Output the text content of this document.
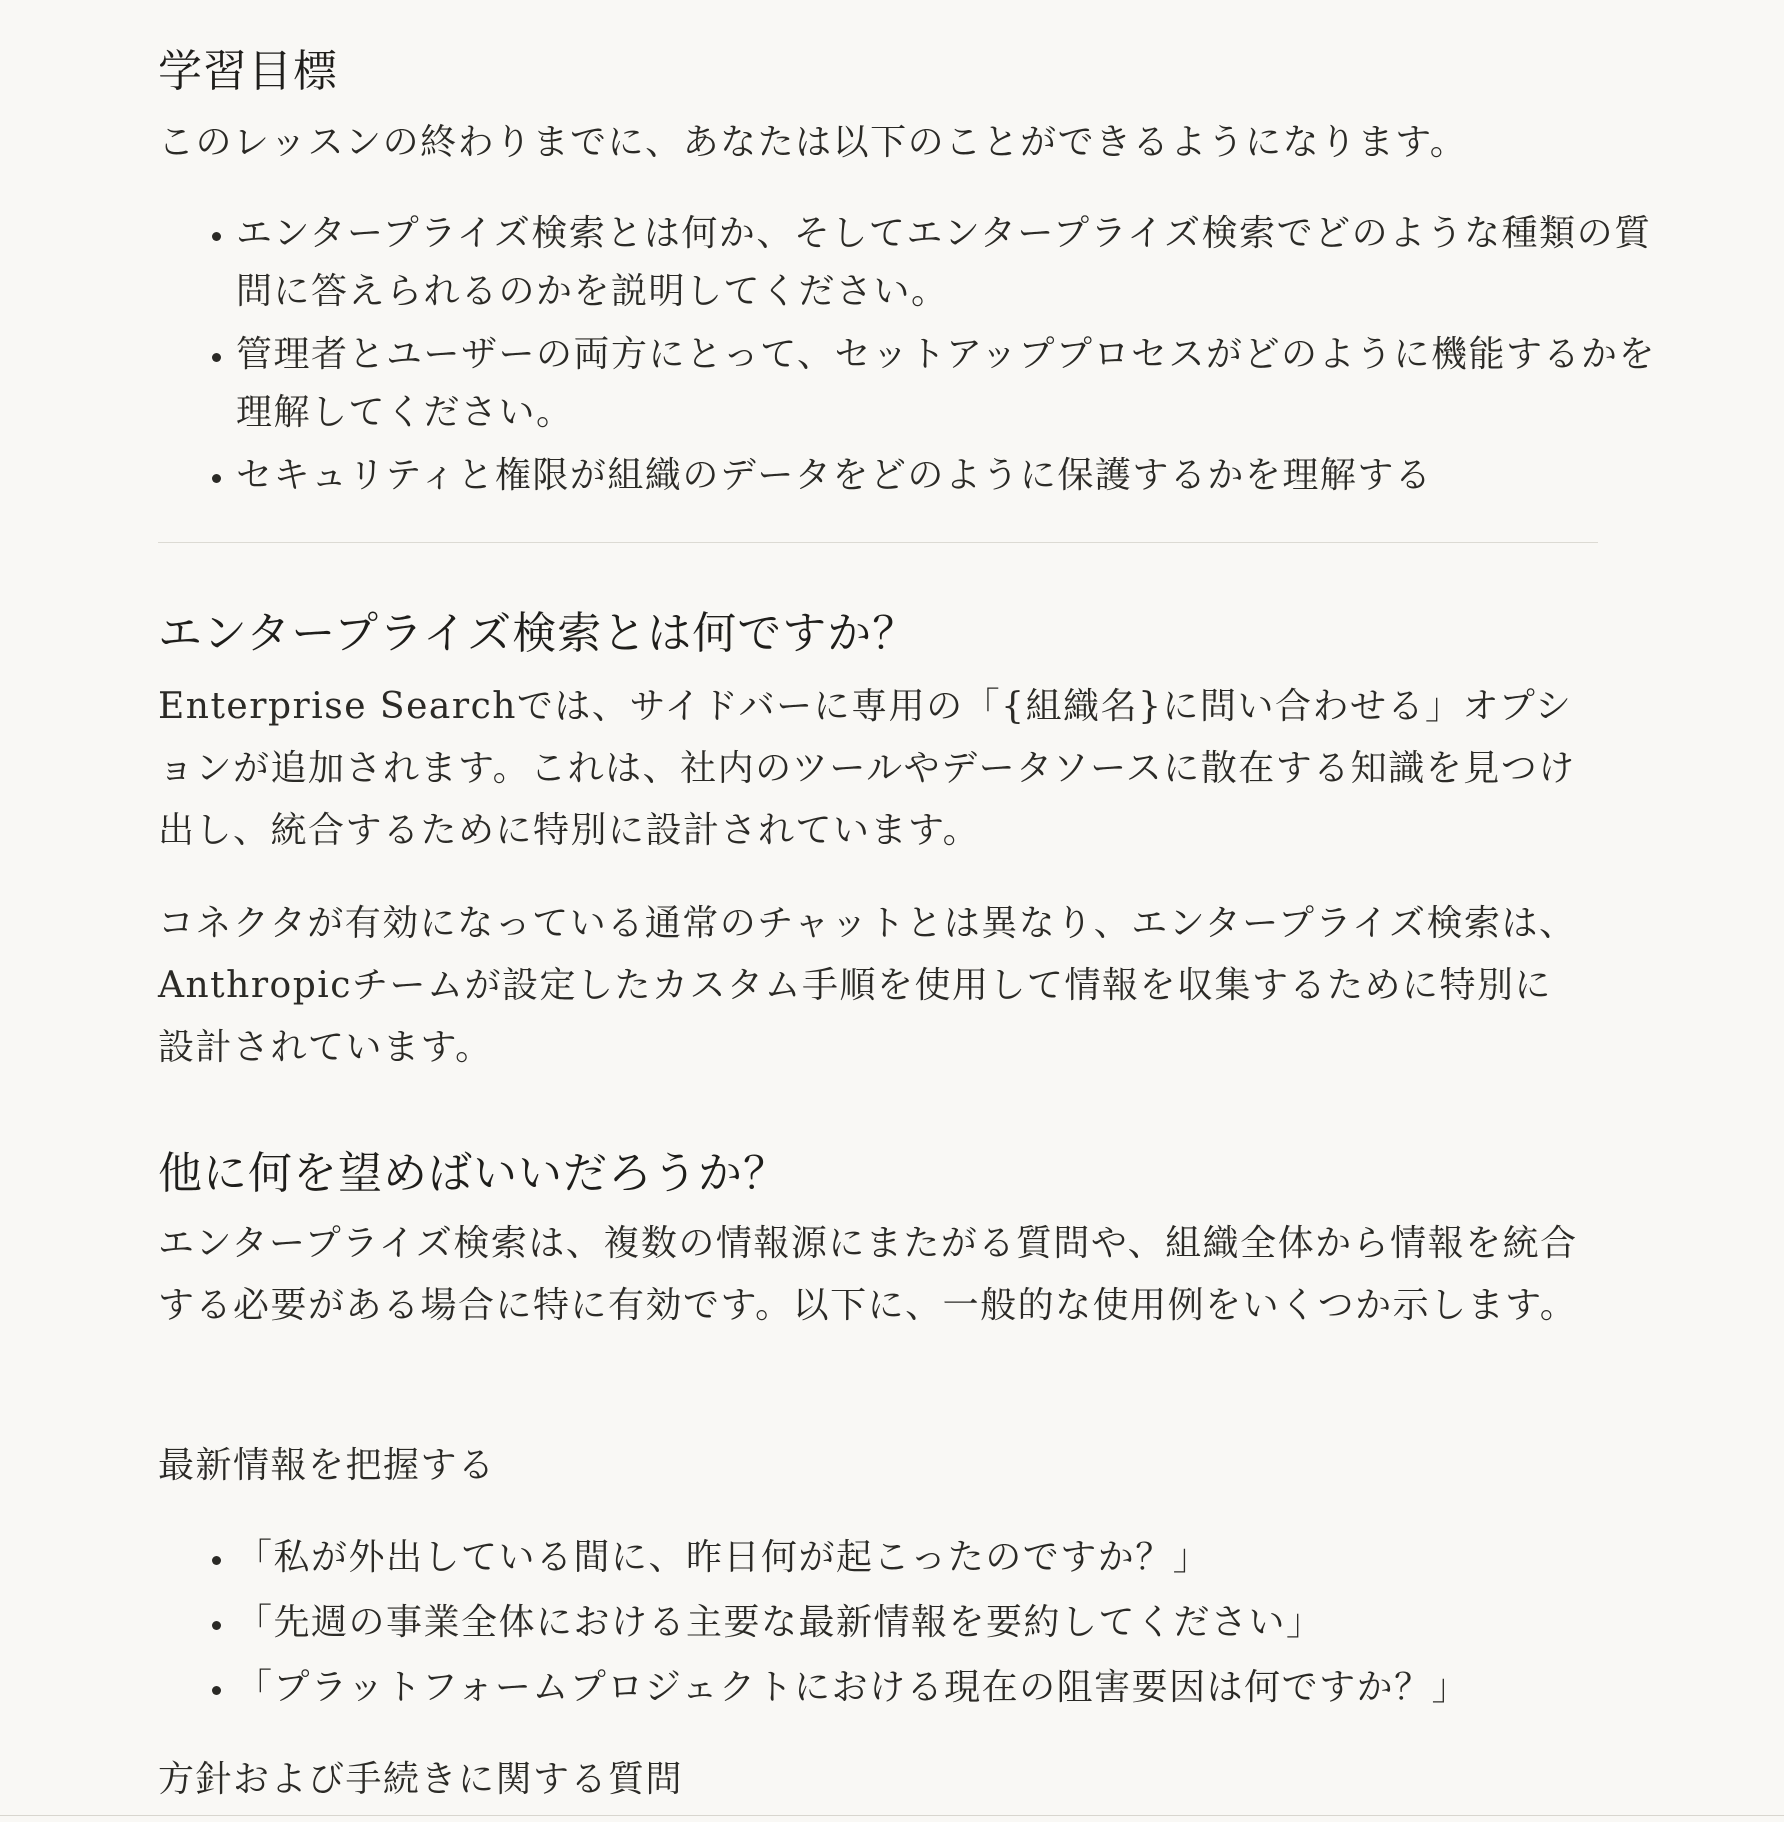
学習目標

このレッスンの終わりまでに、あなたは以下のことができるようになります。

• エンタープライズ検索とは何か、そしてエンタープライズ検索でどのような種類の質問に答えられるのかを説明してください。
• 管理者とユーザーの両方にとって、セットアッププロセスがどのように機能するかを理解してください。
• セキュリティと権限が組織のデータをどのように保護するかを理解する
エンタープライズ検索とは何ですか？

Enterprise Searchでは、サイドバーに専用の「{組織名}に問い合わせる」オプションが追加されます。これは、社内のツールやデータソースに散在する知識を見つけ出し、統合するために特別に設計されています。

コネクタが有効になっている通常のチャットとは異なり、エンタープライズ検索は、Anthropicチームが設定したカスタム手順を使用して情報を収集するために特別に設計されています。

他に何を望めばいいだろうか？

エンタープライズ検索は、複数の情報源にまたがる質問や、組織全体から情報を統合する必要がある場合に特に有効です。以下に、一般的な使用例をいくつか示します。

最新情報を把握する

• 「私が外出している間に、昨日何が起こったのですか？」
• 「先週の事業全体における主要な最新情報を要約してください」
• 「プラットフォームプロジェクトにおける現在の阻害要因は何ですか？」

方針および手続きに関する質問
